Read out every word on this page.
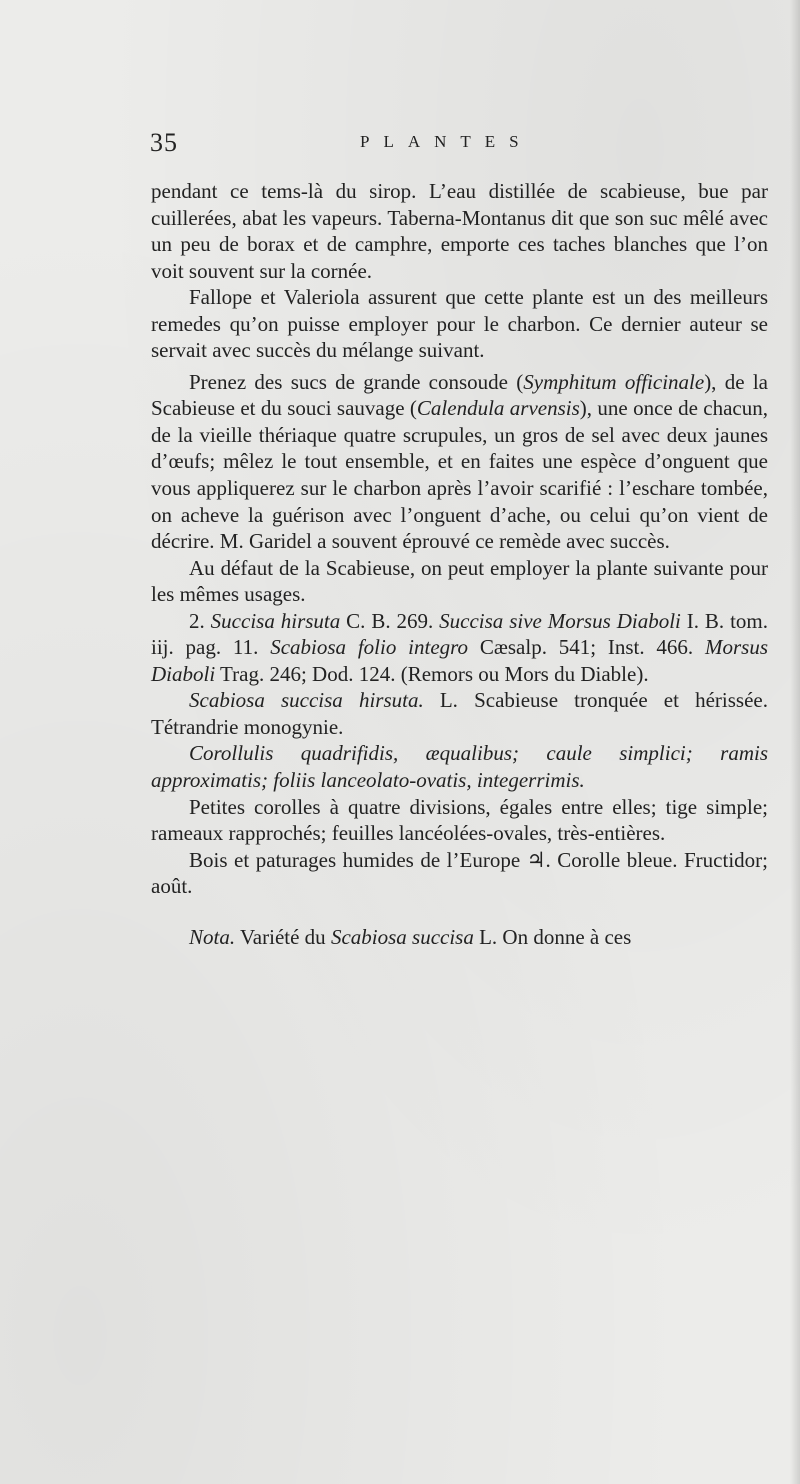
35	PLANTES

pendant ce tems-là du sirop. L’eau distillée de scabieuse, bue par cuillerées, abat les vapeurs. Taberna-Montanus dit que son suc mêlé avec un peu de borax et de camphre, emporte ces taches blanches que l’on voit souvent sur la cornée.

Fallope et Valeriola assurent que cette plante est un des meilleurs remedes qu’on puisse employer pour le charbon. Ce dernier auteur se servait avec succès du mélange suivant.

Prenez des sucs de grande consoude (Symphitum officinale), de la Scabieuse et du souci sauvage (Calendula arvensis), une once de chacun, de la vieille thériaque quatre scrupules, un gros de sel avec deux jaunes d’œufs; mêlez le tout ensemble, et en faites une espèce d’onguent que vous appliquerez sur le charbon après l’avoir scarifié : l’eschare tombée, on acheve la guérison avec l’onguent d’ache, ou celui qu’on vient de décrire. M. Garidel a souvent éprouvé ce remède avec succès.

Au défaut de la Scabieuse, on peut employer la plante suivante pour les mêmes usages.

2. Succisa hirsuta C. B. 269. Succisa sive Morsus Diaboli I. B. tom. iij. pag. 11. Scabiosa folio integro Cæsalp. 541; Inst. 466. Morsus Diaboli Trag. 246; Dod. 124. (Remors ou Mors du Diable).

Scabiosa succisa hirsuta. L. Scabieuse tronquée et hérissée. Tétrandrie monogynie.

Corollulis quadrifidis, æqualibus; caule simplici; ramis approximatis; foliis lanceolato-ovatis, integerrimis.

Petites corolles à quatre divisions, égales entre elles; tige simple; rameaux rapprochés; feuilles lancéolées-ovales, très-entières.

Bois et paturages humides de l’Europe ♃. Corolle bleue. Fructidor; août.

Nota. Variété du Scabiosa succisa L. On donne à ces
